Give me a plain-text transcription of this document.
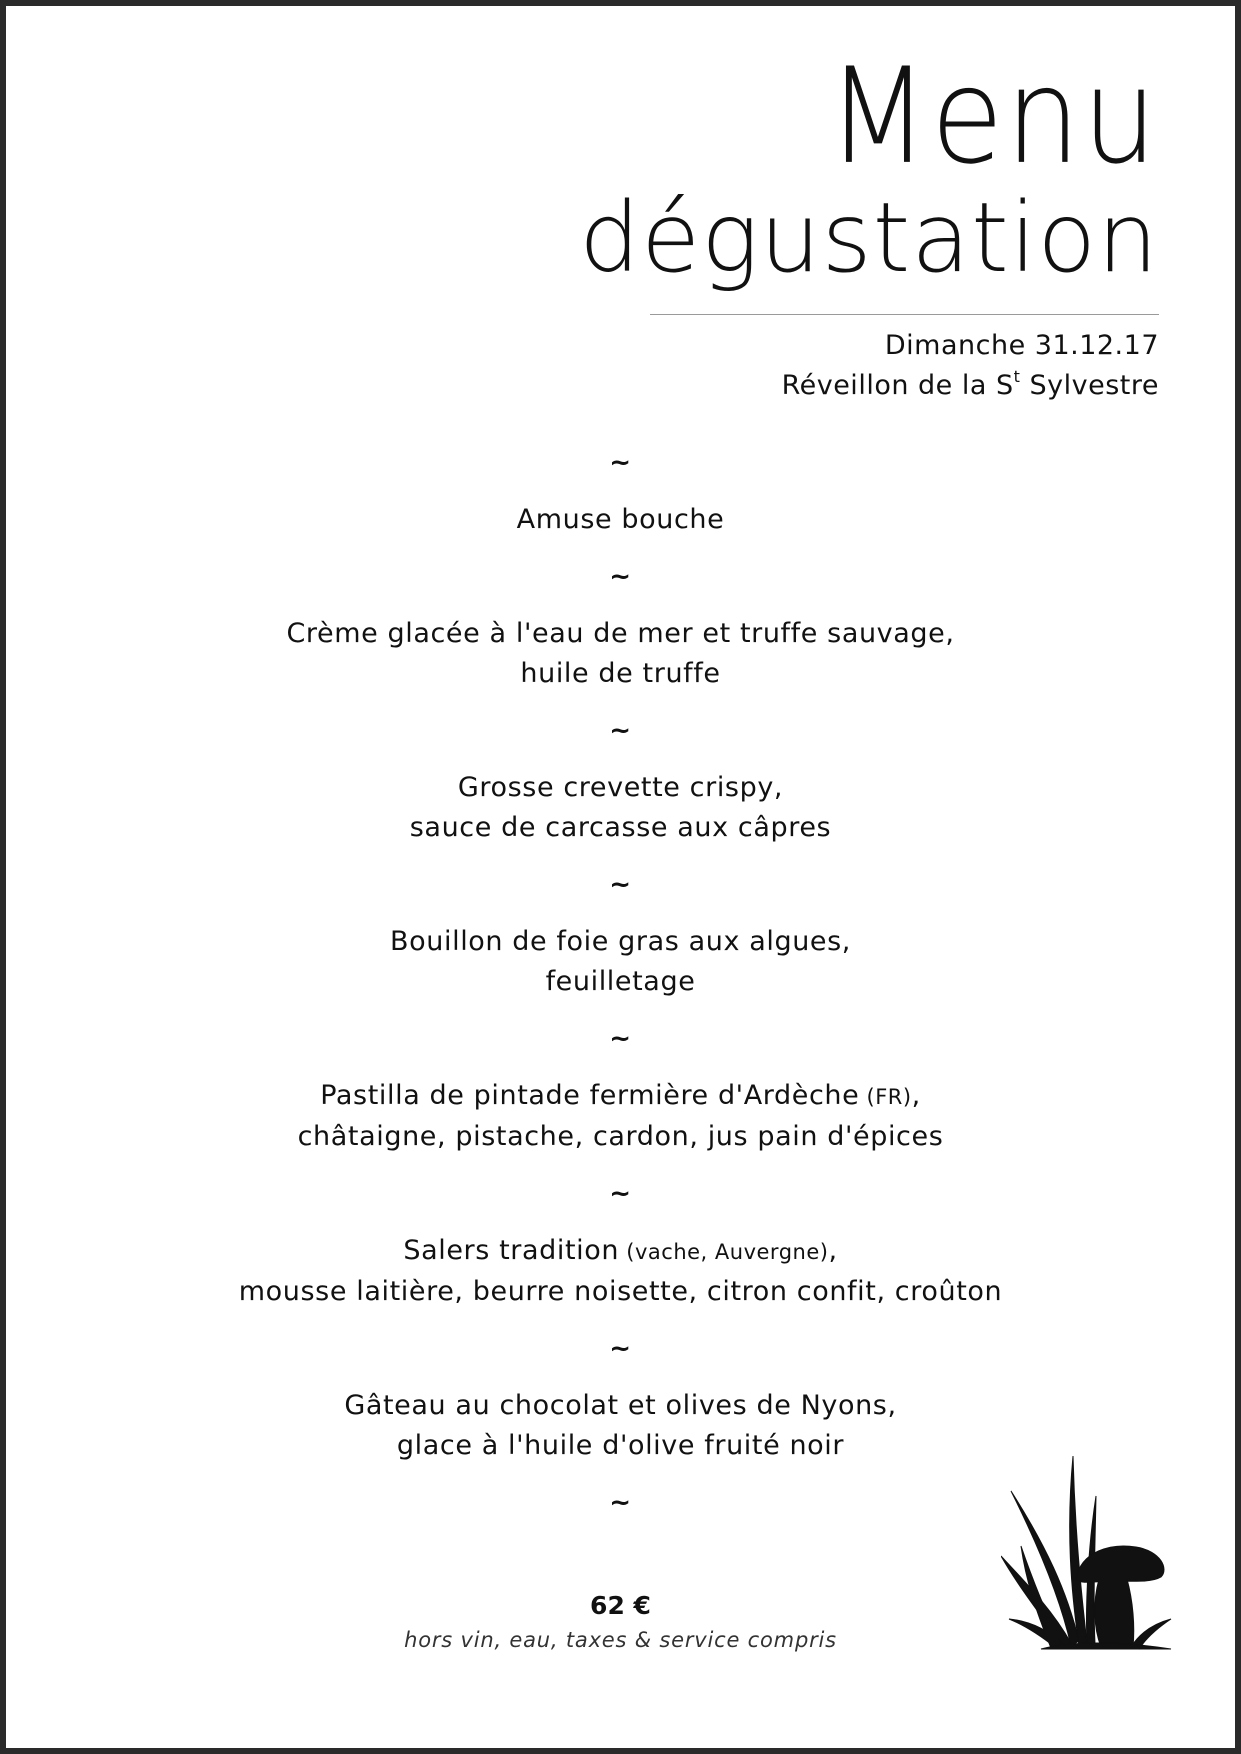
Menu
dégustation
Dimanche 31.12.17
Réveillon de la $S^t$ Sylvestre
~
Amuse bouche
~
Crème glacée à l'eau de mer et truffe sauvage,
huile de truffe
~
Grosse crevette crispy,
sauce de carcasse aux câpres
~
Bouillon de foie gras aux algues,
feuilletage
~
Pastilla de pintade fermière d'Ardèche (FR),
châtaigne, pistache, cardon, jus pain d'épices
~
Salers tradition (vache, Auvergne),
mousse laitière, beurre noisette, citron confit, croûton
~
Gâteau au chocolat et olives de Nyons,
glace à l'huile d'olive fruité noir
~
62 €
hors vin, eau, taxes & service compris
